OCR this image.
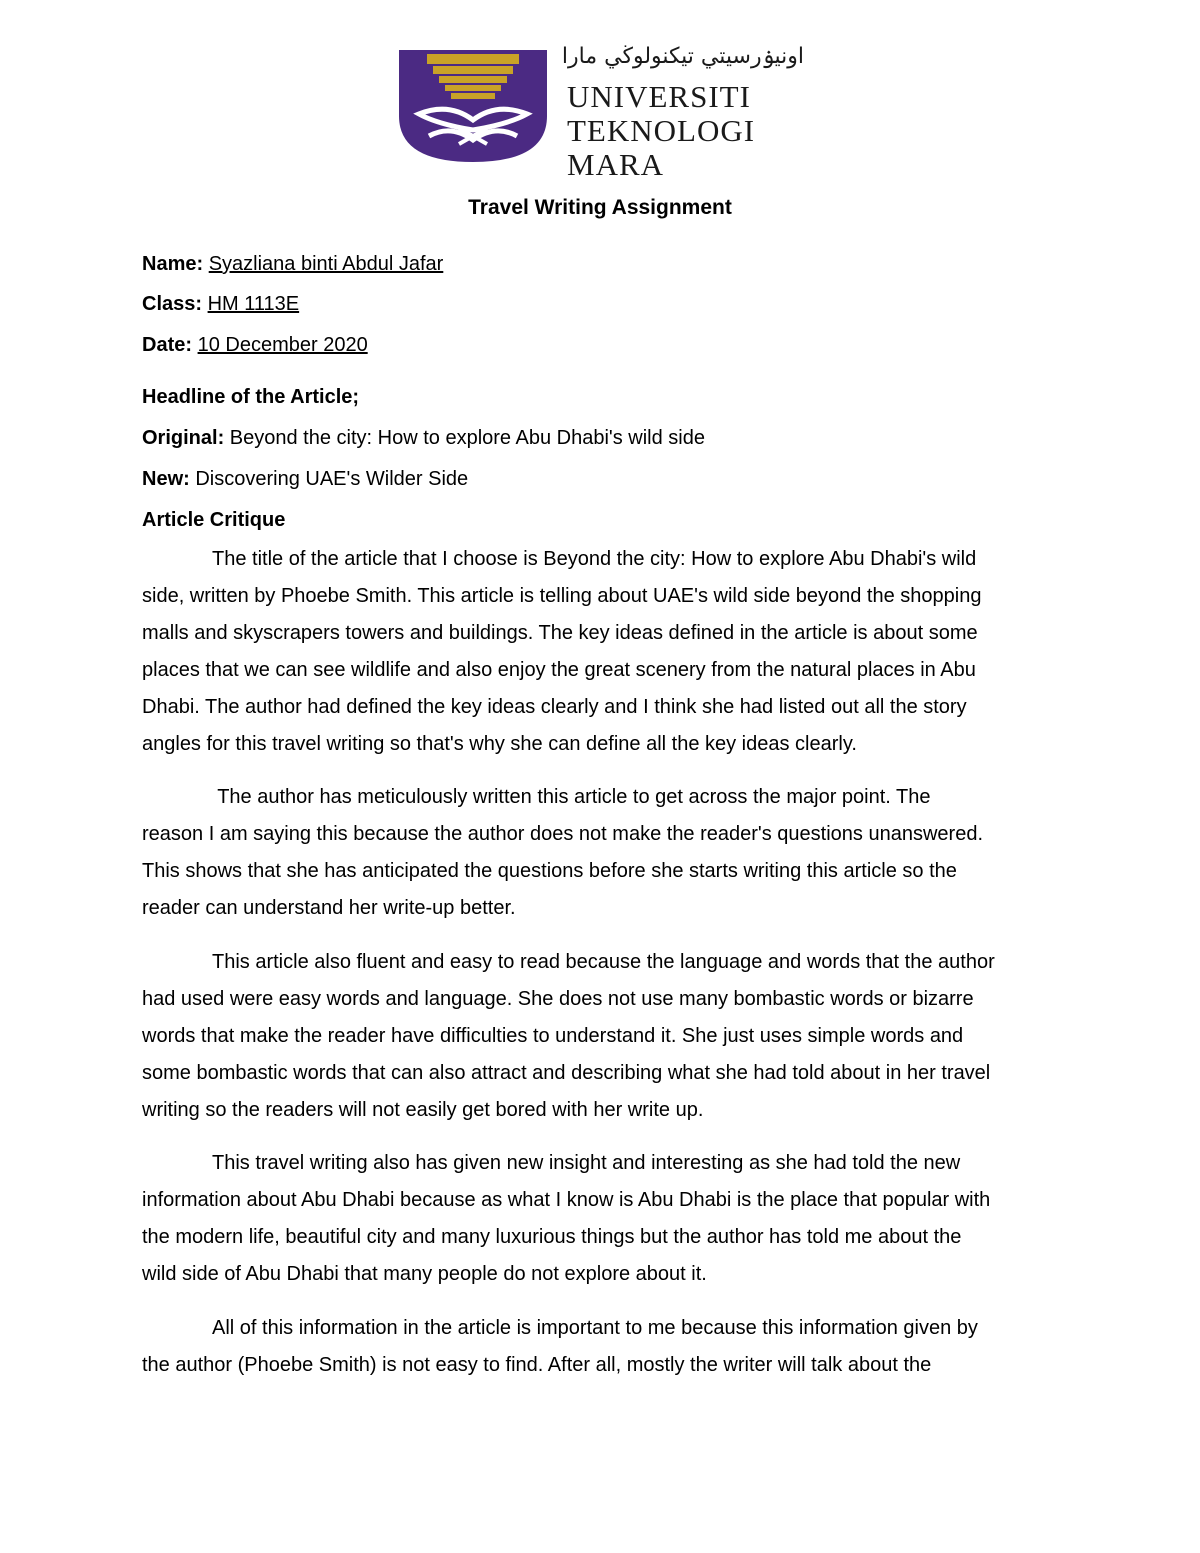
اونيۏرسيتي تيكنولوڬي مارا
UNIVERSITI
TEKNOLOGI
MARA
Travel Writing Assignment
Name: Syazliana binti Abdul Jafar
Class: HM 1113E
Date: 10 December 2020
Headline of the Article;
Original: Beyond the city: How to explore Abu Dhabi's wild side
New: Discovering UAE's Wilder Side
Article Critique
The title of the article that I choose is Beyond the city: How to explore Abu Dhabi's wild
side, written by Phoebe Smith. This article is telling about UAE's wild side beyond the shopping
malls and skyscrapers towers and buildings. The key ideas defined in the article is about some
places that we can see wildlife and also enjoy the great scenery from the natural places in Abu
Dhabi. The author had defined the key ideas clearly and I think she had listed out all the story
angles for this travel writing so that's why she can define all the key ideas clearly.
The author has meticulously written this article to get across the major point. The
reason I am saying this because the author does not make the reader's questions unanswered.
This shows that she has anticipated the questions before she starts writing this article so the
reader can understand her write-up better.
This article also fluent and easy to read because the language and words that the author
had used were easy words and language. She does not use many bombastic words or bizarre
words that make the reader have difficulties to understand it. She just uses simple words and
some bombastic words that can also attract and describing what she had told about in her travel
writing so the readers will not easily get bored with her write up.
This travel writing also has given new insight and interesting as she had told the new
information about Abu Dhabi because as what I know is Abu Dhabi is the place that popular with
the modern life, beautiful city and many luxurious things but the author has told me about the
wild side of Abu Dhabi that many people do not explore about it.
All of this information in the article is important to me because this information given by
the author (Phoebe Smith) is not easy to find. After all, mostly the writer will talk about the
